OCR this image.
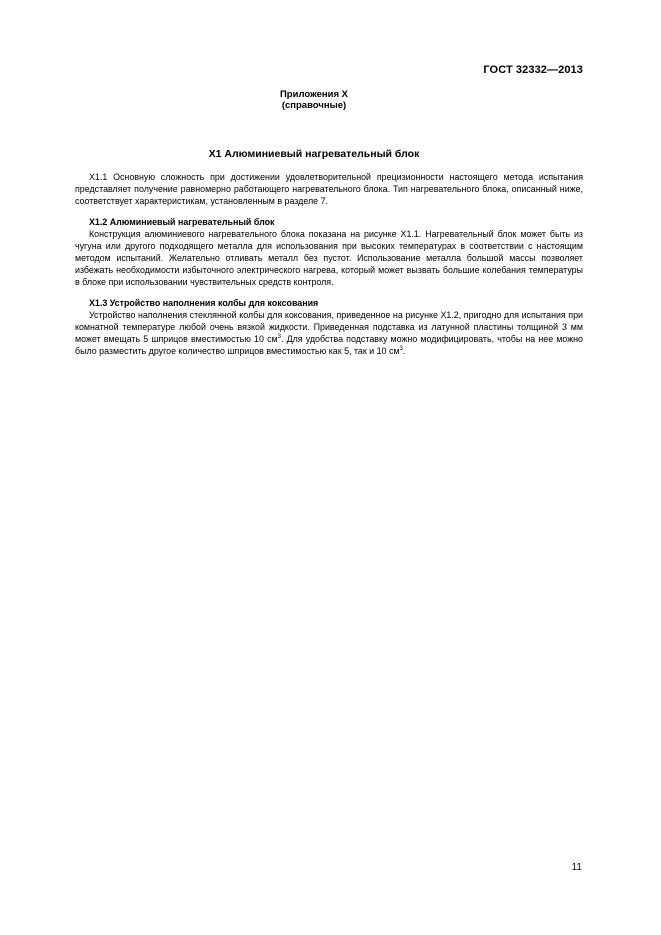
ГОСТ 32332—2013
Приложения Х
(справочные)
Х1 Алюминиевый нагревательный блок

Х1.1 Основную сложность при достижении удовлетворительной прецизионности настоящего метода испытания представляет получение равномерно работающего нагревательного блока. Тип нагревательного блока, описанный ниже, соответствует характеристикам, установленным в разделе 7.

Х1.2 Алюминиевый нагревательный блок

Конструкция алюминиевого нагревательного блока показана на рисунке Х1.1. Нагревательный блок может быть из чугуна или другого подходящего металла для использования при высоких температурах в соответствии с настоящим методом испытаний. Желательно отливать металл без пустот. Использование металла большой массы позволяет избежать необходимости избыточного электрического нагрева, который может вызвать большие колебания температуры в блоке при использовании чувствительных средств контроля.

Х1.3 Устройство наполнения колбы для коксования

Устройство наполнения стеклянной колбы для коксования, приведенное на рисунке Х1.2, пригодно для испытания при комнатной температуре любой очень вязкой жидкости. Приведенная подставка из латунной пластины толщиной 3 мм может вмещать 5 шприцов вместимостью 10 $см^3$. Для удобства подставку можно модифицировать, чтобы на нее можно было разместить другое количество шприцов вместимостью как 5, так и 10 $см^3$.

11
